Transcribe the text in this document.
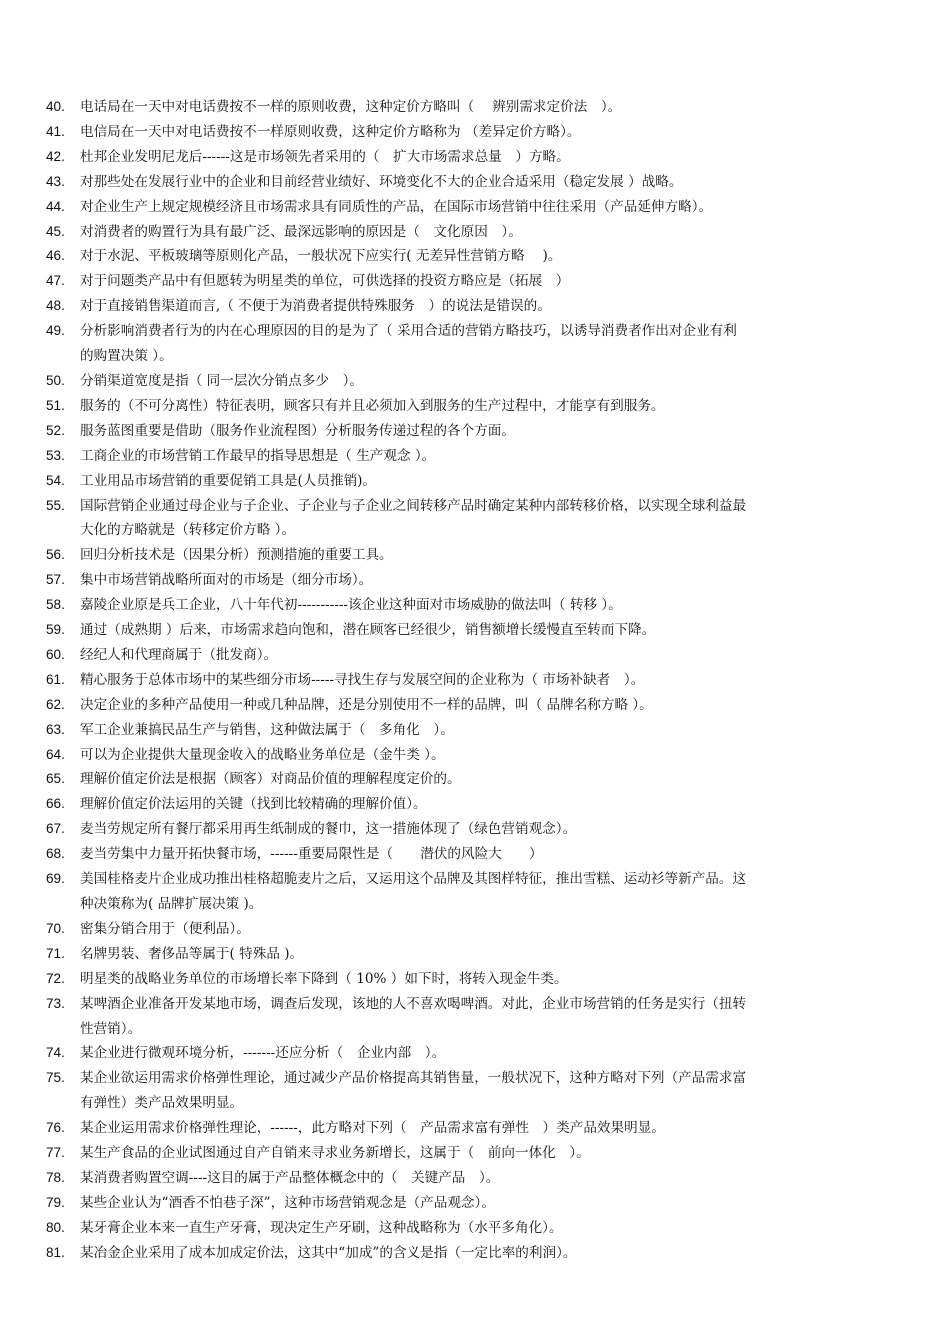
40.	电话局在一天中对电话费按不一样的原则收费，这种定价方略叫（　 辨别需求定价法　）。
41.	电信局在一天中对电话费按不一样原则收费，这种定价方略称为 （差异定价方略）。
42.	杜邦企业发明尼龙后------这是市场领先者采用的（　扩大市场需求总量　）方略。
43.	对那些处在发展行业中的企业和目前经营业绩好、环境变化不大的企业合适采用（稳定发展 ）战略。
44.	对企业生产上规定规模经济且市场需求具有同质性的产品，在国际市场营销中往往采用（产品延伸方略）。
45.	对消费者的购置行为具有最广泛、最深远影响的原因是（　文化原因　）。
46.	对于水泥、平板玻璃等原则化产品，一般状况下应实行( 无差异性营销方略　 )。
47.	对于问题类产品中有但愿转为明星类的单位，可供选择的投资方略应是（拓展　）
48.	对于直接销售渠道而言,（ 不便于为消费者提供特殊服务　）的说法是错误的。
49.	分析影响消费者行为的内在心理原因的目的是为了（ 采用合适的营销方略技巧，以诱导消费者作出对企业有利
的购置决策 ）。
50.	分销渠道宽度是指（ 同一层次分销点多少　）。
51.	服务的（不可分离性）特征表明，顾客只有并且必须加入到服务的生产过程中，才能享有到服务。
52.	服务蓝图重要是借助（服务作业流程图）分析服务传递过程的各个方面。
53.	工商企业的市场营销工作最早的指导思想是（ 生产观念 ）。
54.	工业用品市场营销的重要促销工具是(人员推销)。
55.	国际营销企业通过母企业与子企业、子企业与子企业之间转移产品时确定某种内部转移价格，以实现全球利益最
大化的方略就是（转移定价方略 ）。
56.	回归分析技术是（因果分析）预测措施的重要工具。
57.	集中市场营销战略所面对的市场是（细分市场）。
58.	嘉陵企业原是兵工企业，八十年代初-----------该企业这种面对市场威胁的做法叫（ 转移 ）。
59.	通过（成熟期 ）后来，市场需求趋向饱和，潜在顾客已经很少，销售额增长缓慢直至转而下降。
60.	经纪人和代理商属于（批发商）。
61.	精心服务于总体市场中的某些细分市场-----寻找生存与发展空间的企业称为（ 市场补缺者　）。
62.	决定企业的多种产品使用一种或几种品牌，还是分别使用不一样的品牌，叫（ 品牌名称方略 ）。
63.	军工企业兼搞民品生产与销售，这种做法属于（　多角化　）。
64.	可以为企业提供大量现金收入的战略业务单位是（金牛类 ）。
65.	理解价值定价法是根据（顾客）对商品价值的理解程度定价的。
66.	理解价值定价法运用的关键（找到比较精确的理解价值）。
67.	麦当劳规定所有餐厅都采用再生纸制成的餐巾，这一措施体现了（绿色营销观念）。
68.	麦当劳集中力量开拓快餐市场，------重要局限性是（　　潜伏的风险大　　）
69.	美国桂格麦片企业成功推出桂格超脆麦片之后，又运用这个品牌及其图样特征，推出雪糕、运动衫等新产品。这
种决策称为( 品牌扩展决策 )。
70.	密集分销合用于（便利品）。
71.	名牌男装、奢侈品等属于( 特殊品 )。
72.	明星类的战略业务单位的市场增长率下降到（ 10% ）如下时，将转入现金牛类。
73.	某啤酒企业准备开发某地市场，调查后发现，该地的人不喜欢喝啤酒。对此，企业市场营销的任务是实行（扭转
性营销）。
74.	某企业进行微观环境分析，-------还应分析（　企业内部　）。
75.	某企业欲运用需求价格弹性理论，通过减少产品价格提高其销售量，一般状况下，这种方略对下列（产品需求富
有弹性）类产品效果明显。
76.	某企业运用需求价格弹性理论，------，此方略对下列（　产品需求富有弹性　）类产品效果明显。
77.	某生产食品的企业试图通过自产自销来寻求业务新增长，这属于（　前向一体化　）。
78.	某消费者购置空调----这目的属于产品整体概念中的（　关键产品　）。
79.	某些企业认为“酒香不怕巷子深”，这种市场营销观念是（产品观念）。
80.	某牙膏企业本来一直生产牙膏，现决定生产牙刷，这种战略称为（水平多角化）。
81.	某冶金企业采用了成本加成定价法，这其中“加成”的含义是指（一定比率的利润）。
